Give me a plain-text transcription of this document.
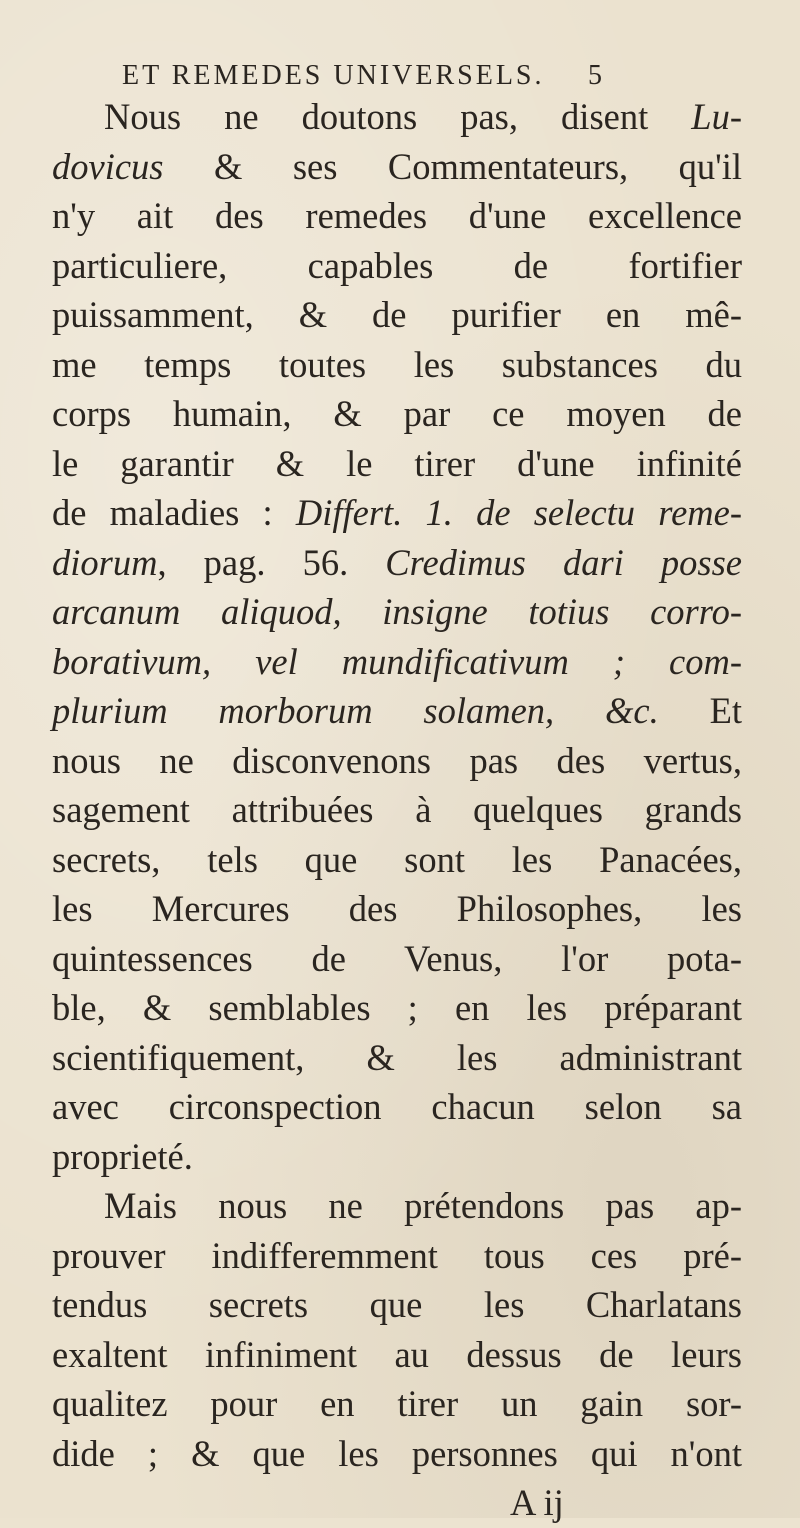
ET REMEDES UNIVERSELS. 5
Nous ne doutons pas, disent Lu-
dovicus & ses Commentateurs, qu'il
n'y ait des remedes d'une excellence
particuliere, capables de fortifier
puissamment, & de purifier en mê-
me temps toutes les substances du
corps humain, & par ce moyen de
le garantir & le tirer d'une infinité
de maladies : Differt. 1. de selectu reme-
diorum, pag. 56. Credimus dari posse
arcanum aliquod, insigne totius corro-
borativum, vel mundificativum ; com-
plurium morborum solamen, &c. Et
nous ne disconvenons pas des vertus,
sagement attribuées à quelques grands
secrets, tels que sont les Panacées,
les Mercures des Philosophes, les
quintessences de Venus, l'or pota-
ble, & semblables ; en les préparant
scientifiquement, & les administrant
avec circonspection chacun selon sa
proprieté.
Mais nous ne prétendons pas ap-
prouver indifferemment tous ces pré-
tendus secrets que les Charlatans
exaltent infiniment au dessus de leurs
qualitez pour en tirer un gain sor-
dide ; & que les personnes qui n'ont
A ij
